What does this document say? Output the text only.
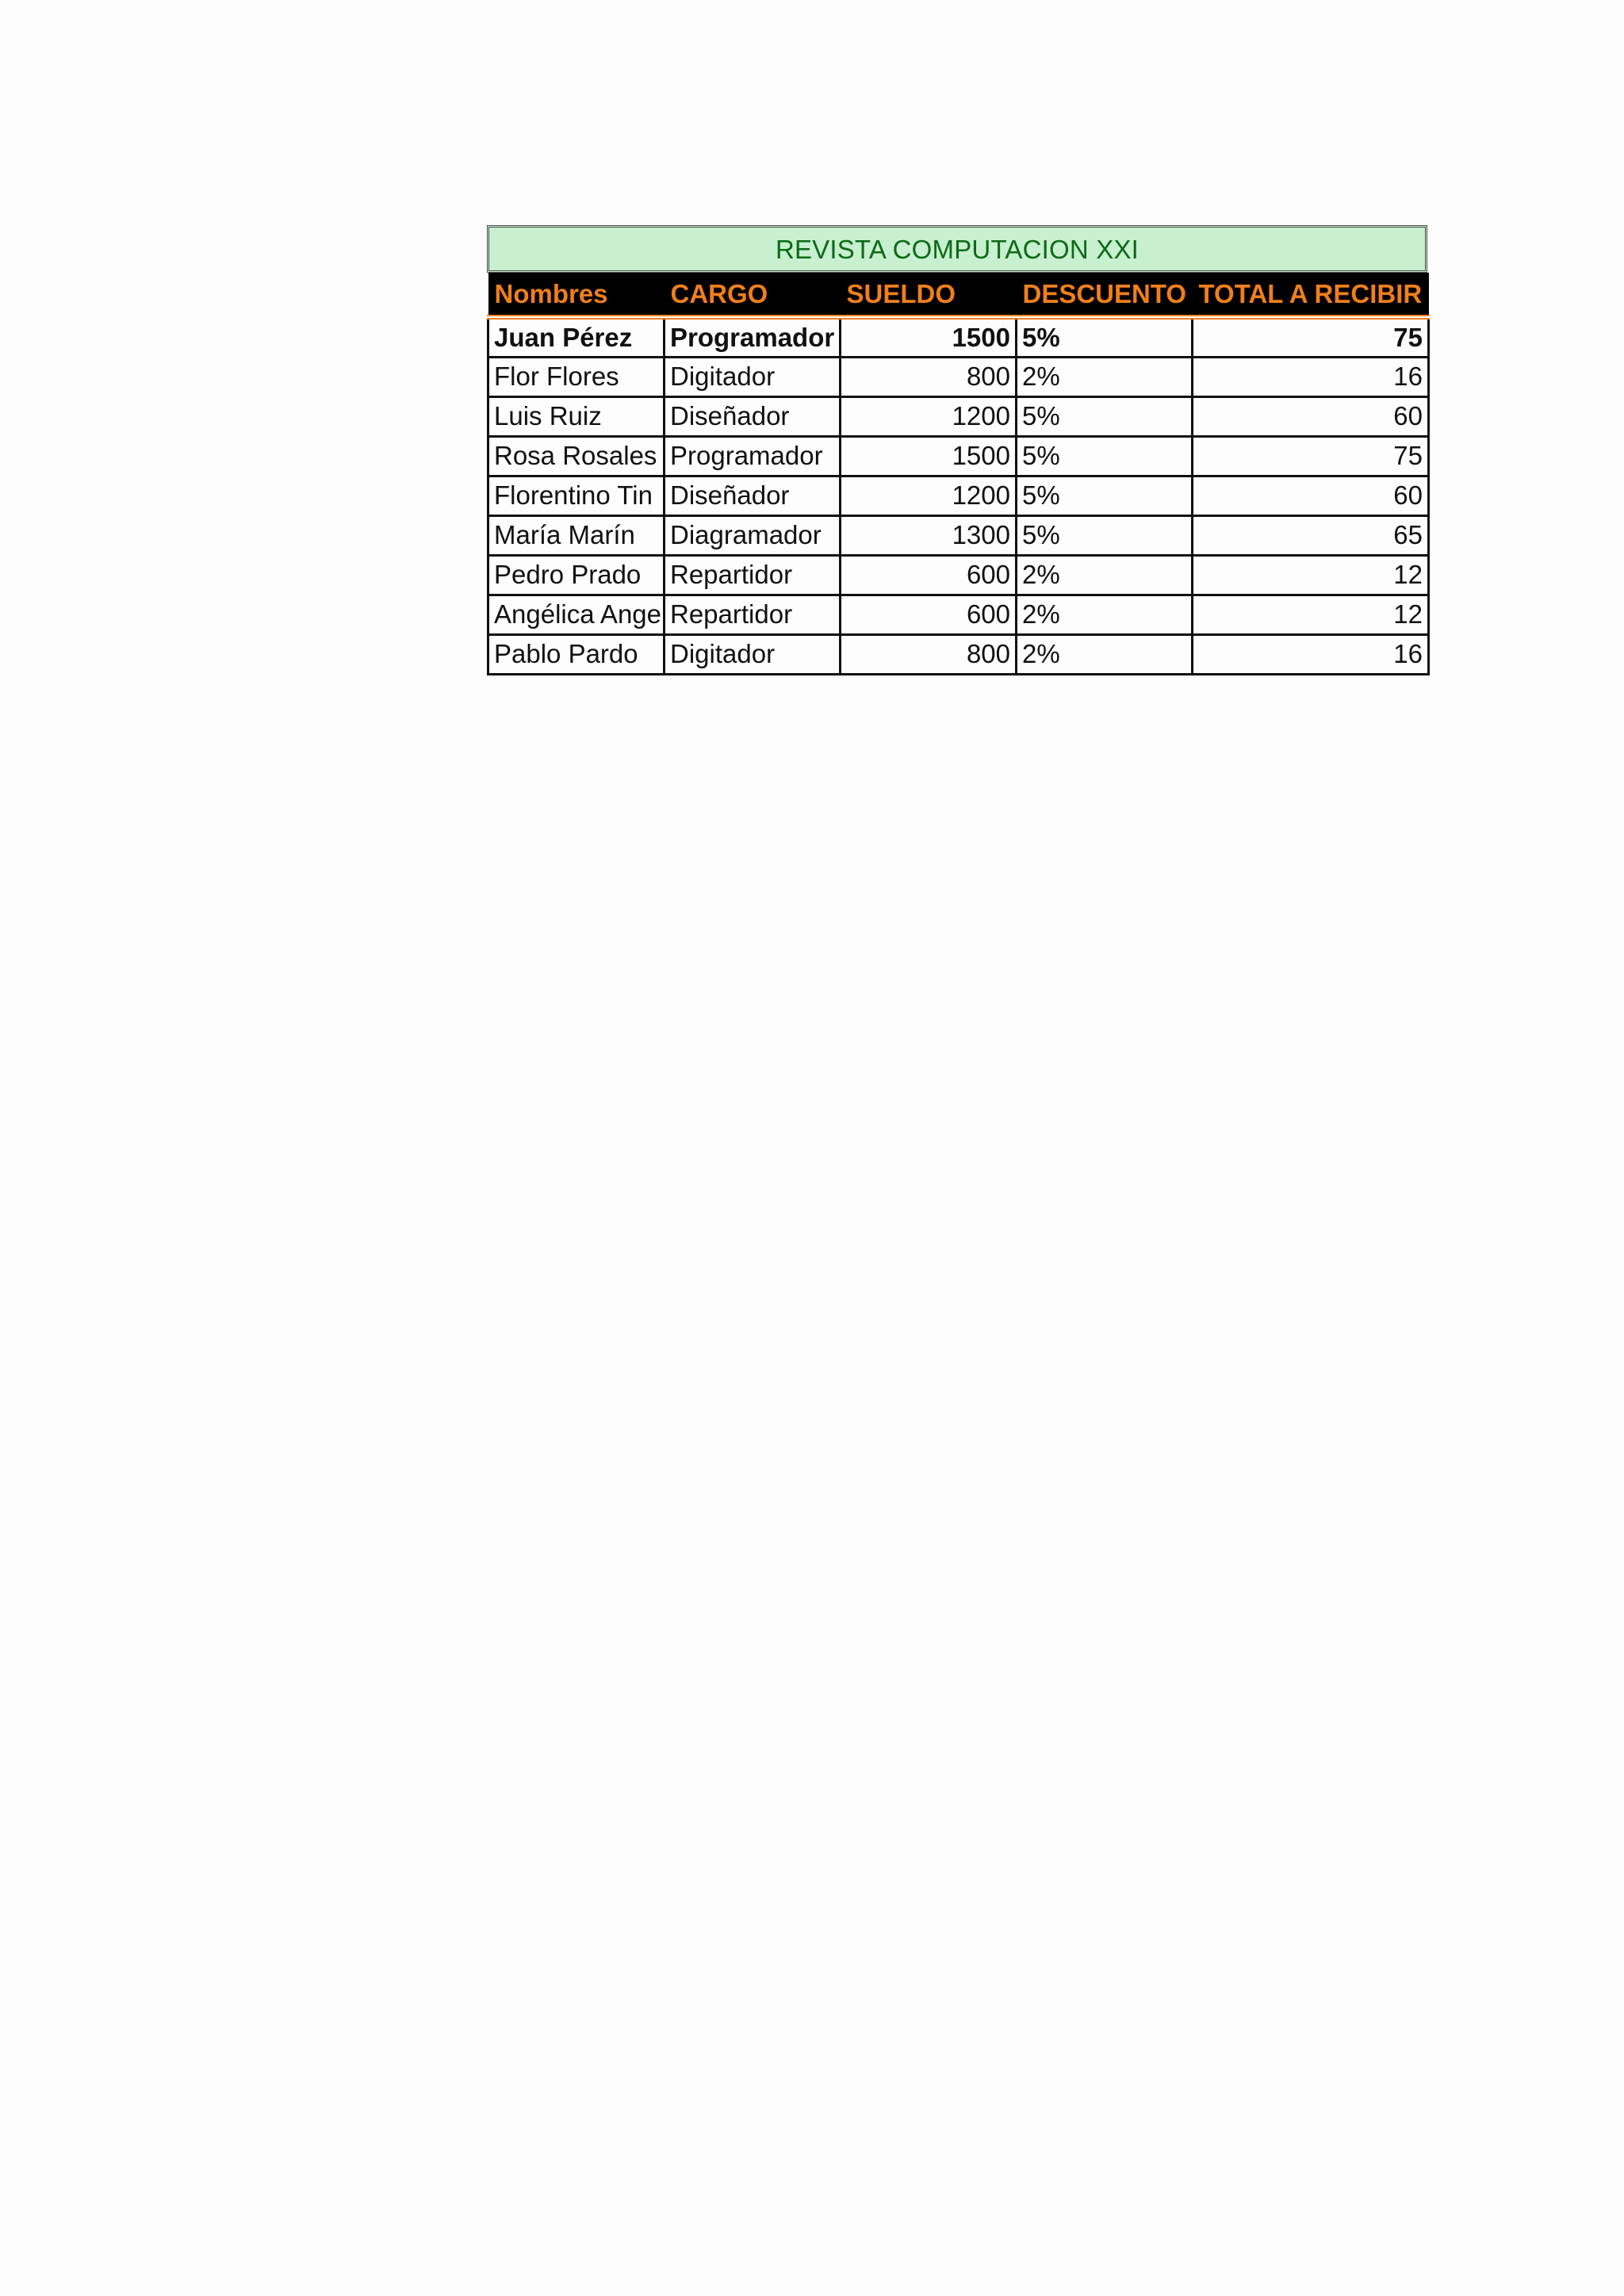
REVISTA COMPUTACION XXI
Nombres	CARGO	SUELDO	DESCUENTO	TOTAL A RECIBIR
Juan Pérez	Programador	1500	5%	75
Flor Flores	Digitador	800	2%	16
Luis Ruiz	Diseñador	1200	5%	60
Rosa Rosales	Programador	1500	5%	75
Florentino Tin	Diseñador	1200	5%	60
María Marín	Diagramador	1300	5%	65
Pedro Prado	Repartidor	600	2%	12
Angélica Ange	Repartidor	600	2%	12
Pablo Pardo	Digitador	800	2%	16
